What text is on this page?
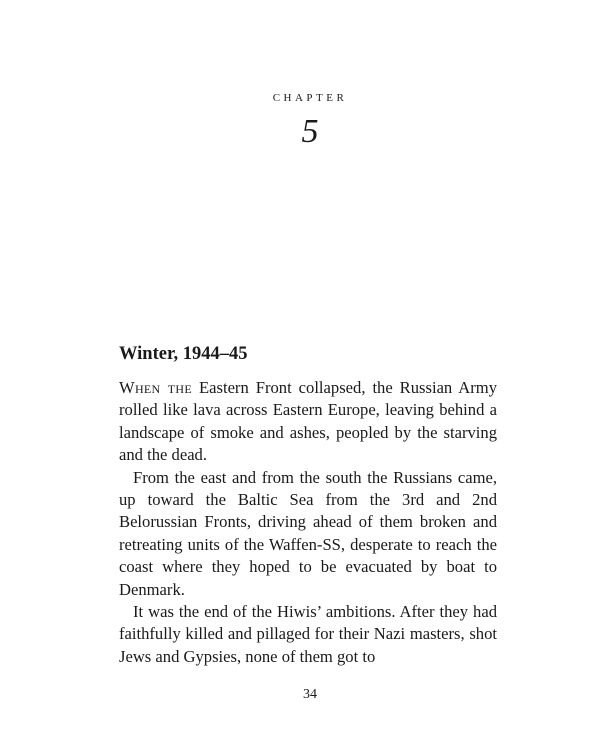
CHAPTER
5
Winter, 1944–45

When the Eastern Front collapsed, the Russian Army rolled like lava across Eastern Europe, leaving behind a landscape of smoke and ashes, peopled by the starving and the dead.

From the east and from the south the Russians came, up toward the Baltic Sea from the 3rd and 2nd Belorussian Fronts, driving ahead of them broken and retreating units of the Waffen-SS, desperate to reach the coast where they hoped to be evacuated by boat to Denmark.

It was the end of the Hiwis’ ambitions. After they had faithfully killed and pillaged for their Nazi masters, shot Jews and Gypsies, none of them got to

34
